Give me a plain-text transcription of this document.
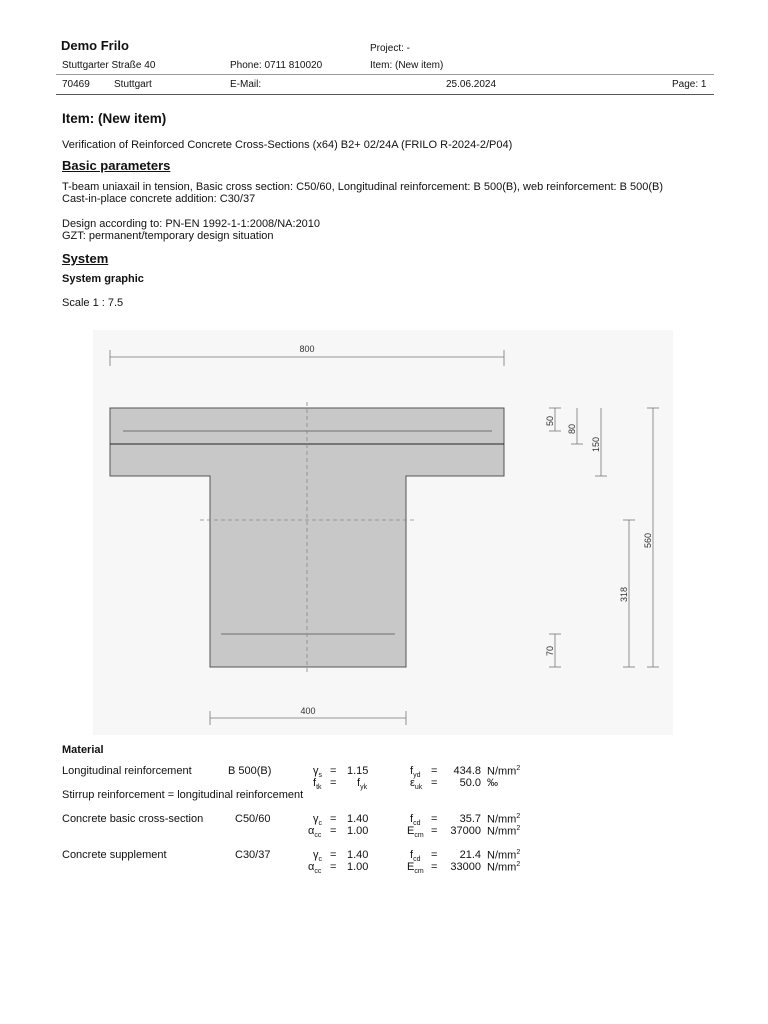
Demo Frilo	Project: -
Stuttgarter Straße 40	Phone: 0711 810020	Item: (New item)
70469 Stuttgart	E-Mail:	25.06.2024	Page: 1
Item: (New item)
Verification of Reinforced Concrete Cross-Sections (x64) B2+ 02/24A (FRILO R-2024-2/P04)
Basic parameters
T-beam uniaxail in tension, Basic cross section: C50/60, Longitudinal reinforcement: B 500(B), web reinforcement: B 500(B)
Cast-in-place concrete addition: C30/37
Design according to: PN-EN 1992-1-1:2008/NA:2010
GZT: permanent/temporary design situation
System
System graphic
Scale 1 : 7.5
800
400
50
80
150
560
318
70
Material
Longitudinal reinforcement	B 500(B)	$\gamma_s = 1.15$	$f_{yd}$ =	434.8 $N/mm^2$
$f_{tk} = f_{yk}$	$\varepsilon_{uk}$ =	50.0 ‰
Stirrup reinforcement = longitudinal reinforcement
Concrete basic cross-section	C50/60	$\gamma_c = 1.40$	$f_{cd}$ =	35.7 $N/mm^2$
$\alpha_{cc} = 1.00$	$E_{cm}$ =	37000 $N/mm^2$
Concrete supplement	C30/37	$\gamma_c = 1.40$	$f_{cd}$ =	21.4 $N/mm^2$
$\alpha_{cc} = 1.00$	$E_{cm}$ =	33000 $N/mm^2$
